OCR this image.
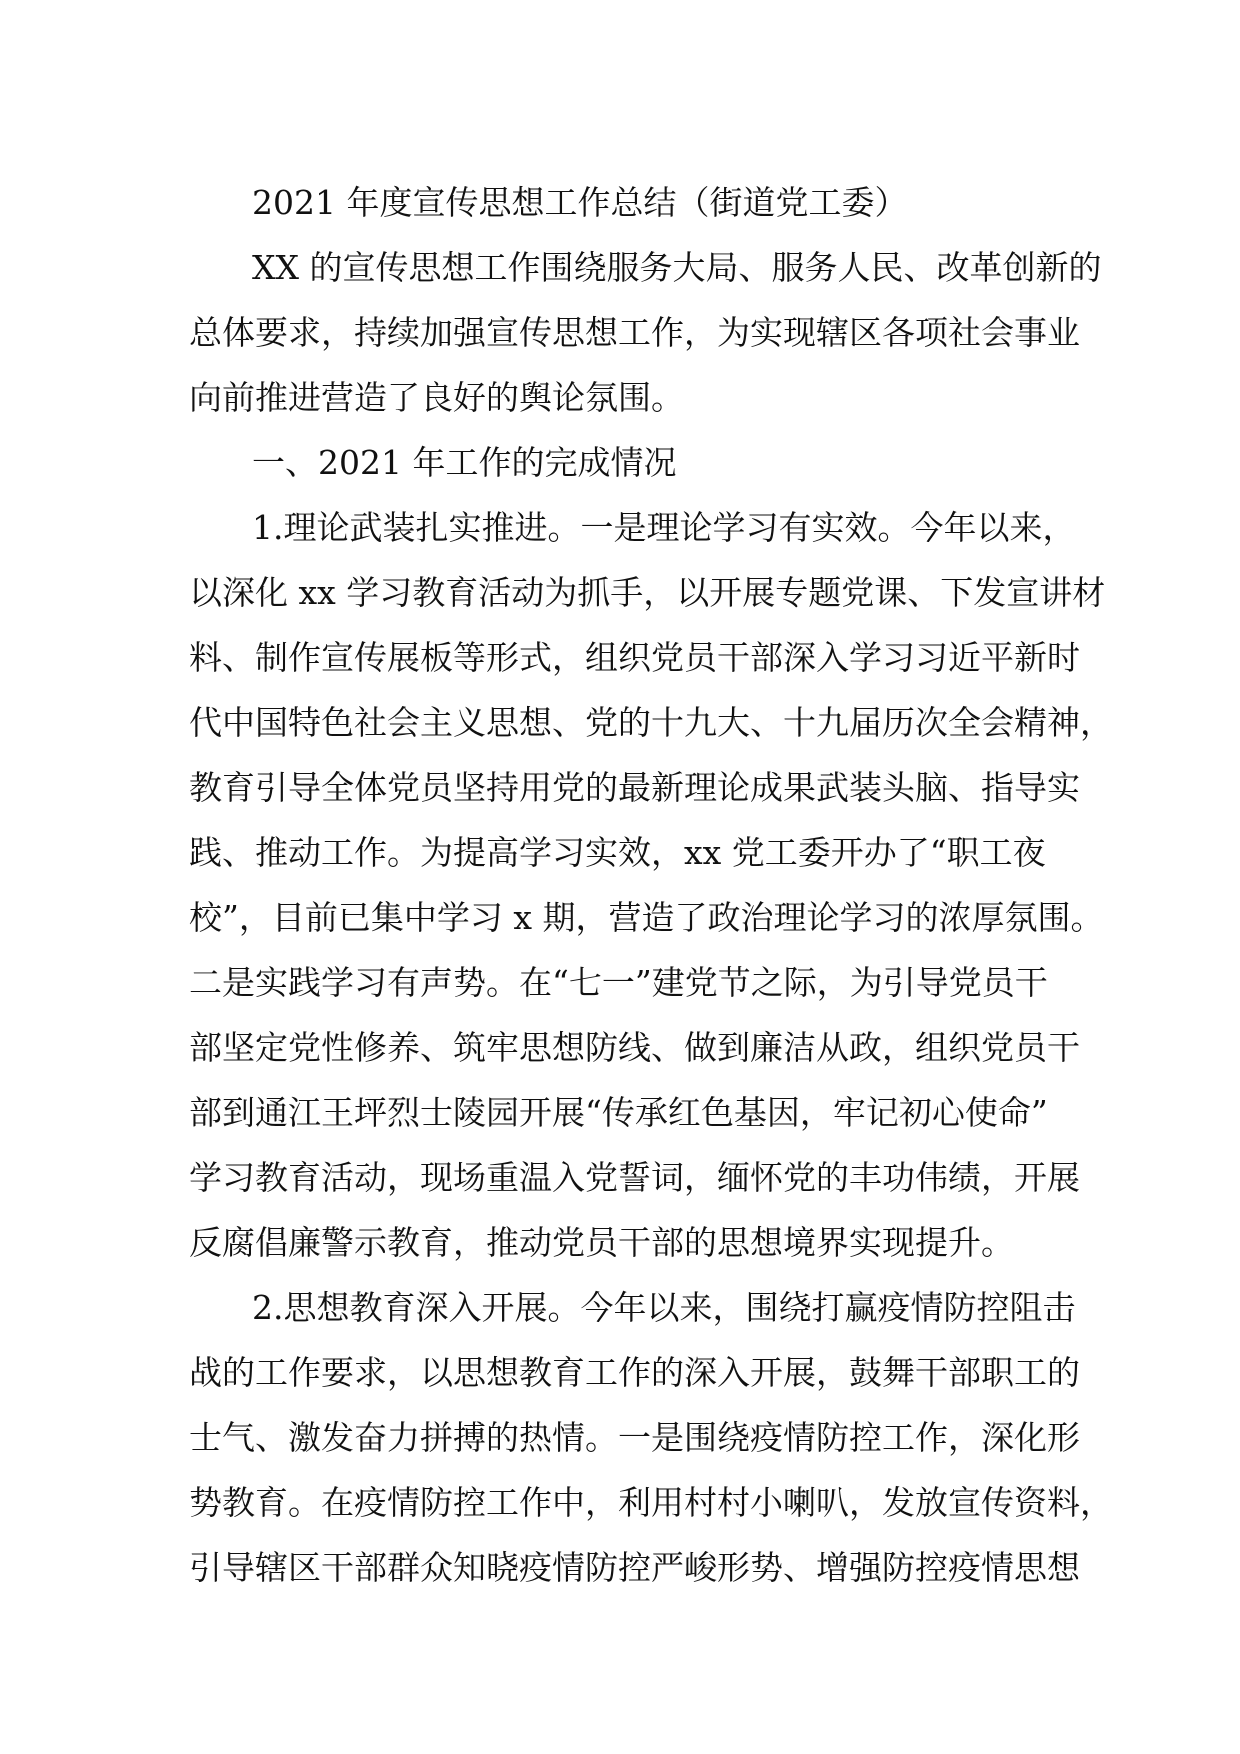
2021 年度宣传思想工作总结（街道党工委）
XX 的宣传思想工作围绕服务大局、服务人民、改革创新的
总体要求，持续加强宣传思想工作，为实现辖区各项社会事业
向前推进营造了良好的舆论氛围。
一、2021 年工作的完成情况
1.理论武装扎实推进。一是理论学习有实效。今年以来，
以深化 xx 学习教育活动为抓手，以开展专题党课、下发宣讲材
料、制作宣传展板等形式，组织党员干部深入学习习近平新时
代中国特色社会主义思想、党的十九大、十九届历次全会精神，
教育引导全体党员坚持用党的最新理论成果武装头脑、指导实
践、推动工作。为提高学习实效，xx 党工委开办了“职工夜
校”，目前已集中学习 x 期，营造了政治理论学习的浓厚氛围。
二是实践学习有声势。在“七一”建党节之际，为引导党员干
部坚定党性修养、筑牢思想防线、做到廉洁从政，组织党员干
部到通江王坪烈士陵园开展“传承红色基因，牢记初心使命”
学习教育活动，现场重温入党誓词，缅怀党的丰功伟绩，开展
反腐倡廉警示教育，推动党员干部的思想境界实现提升。
2.思想教育深入开展。今年以来，围绕打赢疫情防控阻击
战的工作要求，以思想教育工作的深入开展，鼓舞干部职工的
士气、激发奋力拼搏的热情。一是围绕疫情防控工作，深化形
势教育。在疫情防控工作中，利用村村小喇叭，发放宣传资料，
引导辖区干部群众知晓疫情防控严峻形势、增强防控疫情思想
